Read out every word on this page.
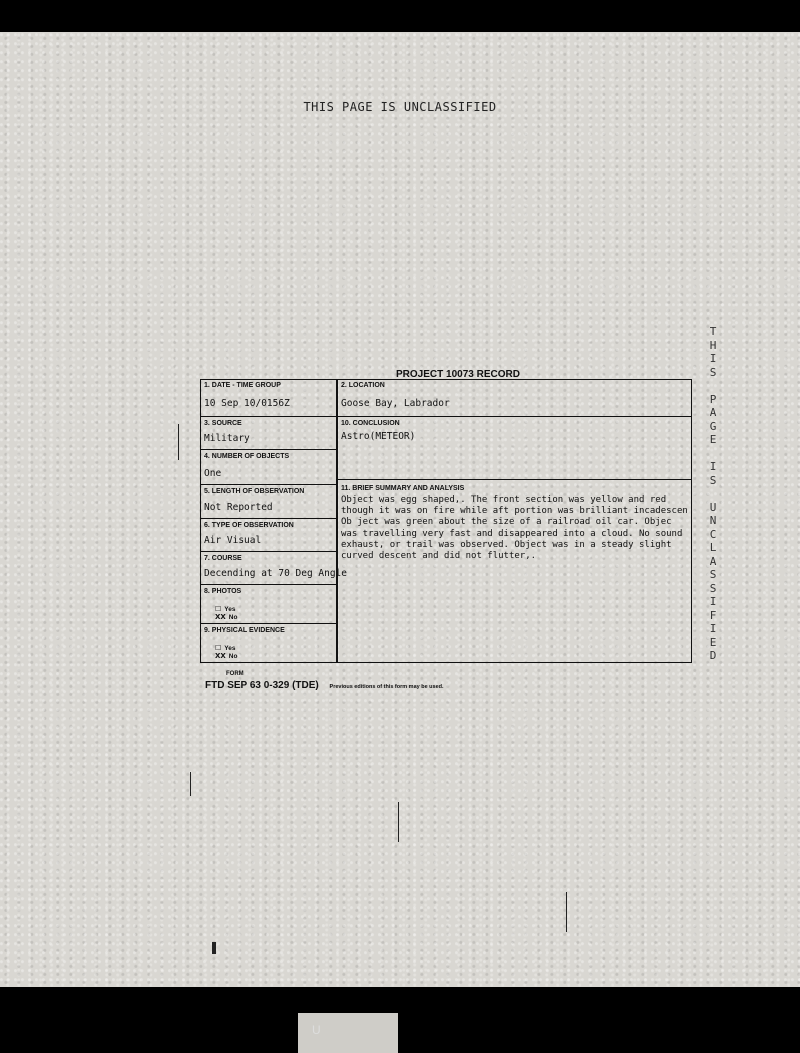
THIS PAGE IS UNCLASSIFIED
T
H
I
S
P
A
G
E
I
S
U
N
C
L
A
S
S
I
F
I
E
D
PROJECT 10073 RECORD
1. DATE - TIME GROUP
10 Sep 10/0156Z
3. SOURCE
Military
4. NUMBER OF OBJECTS
One
5. LENGTH OF OBSERVATION
Not Reported
6. TYPE OF OBSERVATION
Air Visual
7. COURSE
Decending at 70 Deg Angle
8. PHOTOS
☐ Yes
XX No
9. PHYSICAL EVIDENCE
☐ Yes
XX No
2. LOCATION
Goose Bay, Labrador
10. CONCLUSION
Astro(METEOR)
11. BRIEF SUMMARY AND ANALYSIS
Object was egg shaped,. The front section was yellow and red
though it was on fire while aft portion was brilliant incadescen
Ob ject was green about the size of a railroad oil car. Objec
was travelling very fast and disappeared into a cloud. No sound
exhaust, or trail was observed. Object was in a steady slight
curved descent and did not flutter,.
FORM
FTD SEP 63 0-329 (TDE) Previous editions of this form may be used.
U
